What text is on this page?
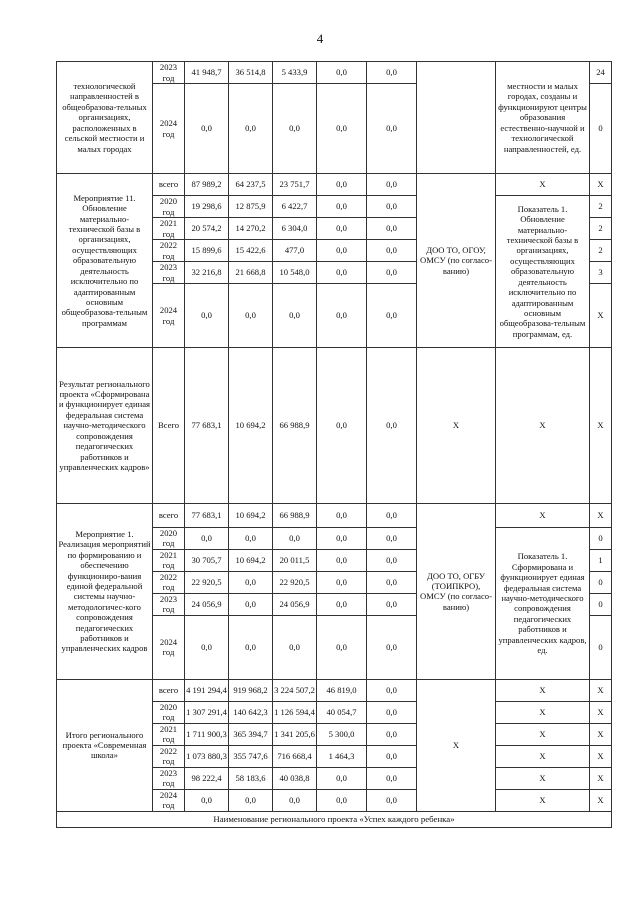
4
технологической направленностей в общеобразова-тельных организациях, расположенных в сельской местности и малых городах	2023 год	41 948,7	36 514,8	5 433,9	0,0	0,0		местности и малых городах, созданы и функционируют центры образования естественно-научной и технологической направленностей, ед.	24
	2024 год	0,0	0,0	0,0	0,0	0,0			0
Мероприятие 11. Обновление материально-технической базы в организациях, осуществляющих образовательную деятельность исключительно по адаптированным основным общеобразова-тельным программам	всего	87 989,2	64 237,5	23 751,7	0,0	0,0	ДОО ТО, ОГОУ, ОМСУ (по согласо-ванию)	Х	Х
	2020 год	19 298,6	12 875,9	6 422,7	0,0	0,0		Показатель 1. Обновление материально-технической базы в организациях, осуществляющих образовательную деятельность исключительно по адаптированным основным общеобразова-тельным программам, ед.	2
	2021 год	20 574,2	14 270,2	6 304,0	0,0	0,0			2
	2022 год	15 899,6	15 422,6	477,0	0,0	0,0			2
	2023 год	32 216,8	21 668,8	10 548,0	0,0	0,0			3
	2024 год	0,0	0,0	0,0	0,0	0,0			Х
Результат регионального проекта «Сформирована и функционирует единая федеральная система научно-методического сопровождения педагогических работников и управленческих кадров»	Всего	77 683,1	10 694,2	66 988,9	0,0	0,0	Х	Х	Х
Мероприятие 1. Реализация мероприятий по формированию и обеспечению функциониро-вания единой федеральной системы научно-методологичес-кого сопровождения педагогических работников и управленческих кадров	всего	77 683,1	10 694,2	66 988,9	0,0	0,0	ДОО ТО, ОГБУ (ТОИПКРО), ОМСУ (по согласо-ванию)	Х	Х
	2020 год	0,0	0,0	0,0	0,0	0,0		Показатель 1. Сформирована и функционирует единая федеральная система научно-методического сопровождения педагогических работников и управленческих кадров, ед.	0
	2021 год	30 705,7	10 694,2	20 011,5	0,0	0,0			1
	2022 год	22 920,5	0,0	22 920,5	0,0	0,0			0
	2023 год	24 056,9	0,0	24 056,9	0,0	0,0			0
	2024 год	0,0	0,0	0,0	0,0	0,0			0
Итого регионального проекта «Современная школа»	всего	4 191 294,4	919 968,2	3 224 507,2	46 819,0	0,0	Х	Х	Х
	2020 год	1 307 291,4	140 642,3	1 126 594,4	40 054,7	0,0		Х	Х
	2021 год	1 711 900,3	365 394,7	1 341 205,6	5 300,0	0,0		Х	Х
	2022 год	1 073 880,3	355 747,6	716 668,4	1 464,3	0,0		Х	Х
	2023 год	98 222,4	58 183,6	40 038,8	0,0	0,0		Х	Х
	2024 год	0,0	0,0	0,0	0,0	0,0		Х	Х
Наименование регионального проекта «Успех каждого ребенка»									
